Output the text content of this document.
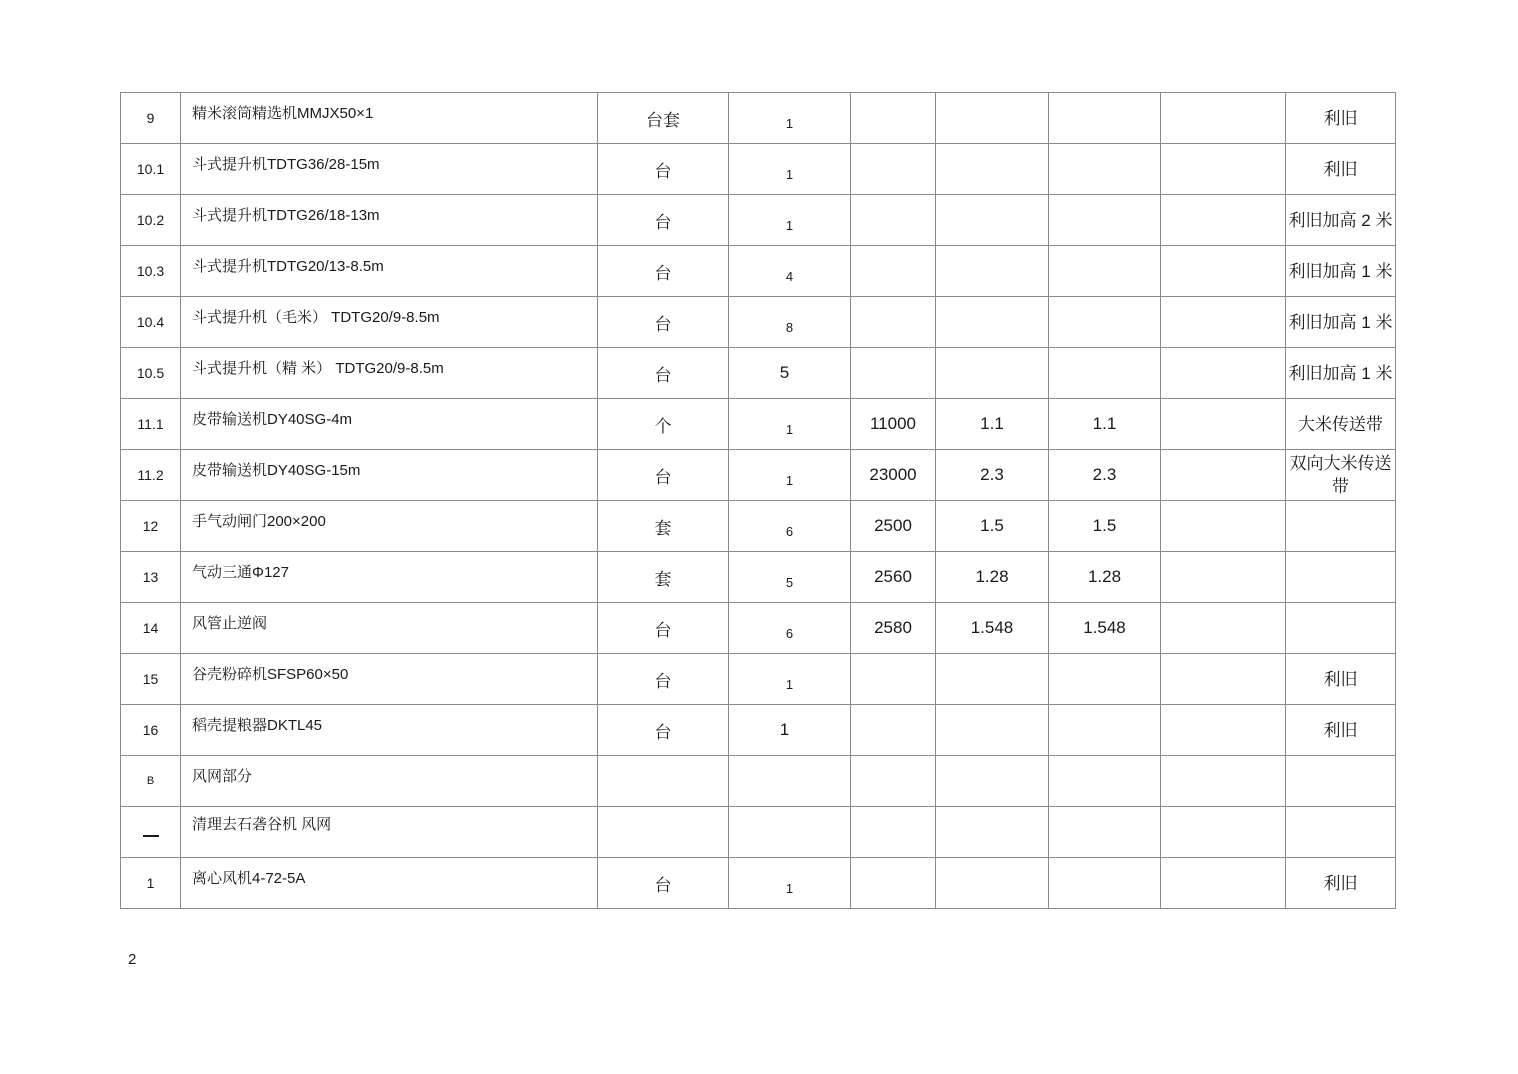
9	精米滚筒精选机MMJX50×1	台套	1					利旧
10.1	斗式提升机TDTG36/28-15m	台	1					利旧
10.2	斗式提升机TDTG26/18-13m	台	1					利旧加高 2 米
10.3	斗式提升机TDTG20/13-8.5m	台	4					利旧加高 1 米
10.4	斗式提升机（毛米） TDTG20/9-8.5m	台	8					利旧加高 1 米
10.5	斗式提升机（精 米） TDTG20/9-8.5m	台	5					利旧加高 1 米
11.1	皮带输送机DY40SG-4m	个	1	11000	1.1	1.1		大米传送带
11.2	皮带输送机DY40SG-15m	台	1	23000	2.3	2.3		双向大米传送带
12	手气动闸门200×200	套	6	2500	1.5	1.5		
13	气动三通Φ127	套	5	2560	1.28	1.28		
14	风管止逆阀	台	6	2580	1.548	1.548		
15	谷壳粉碎机SFSP60×50	台	1					利旧
16	稻壳提粮器DKTL45	台	1					利旧
B	风网部分							
	清理去石砻谷机 风网							
1	离心风机4-72-5A	台	1					利旧
2
